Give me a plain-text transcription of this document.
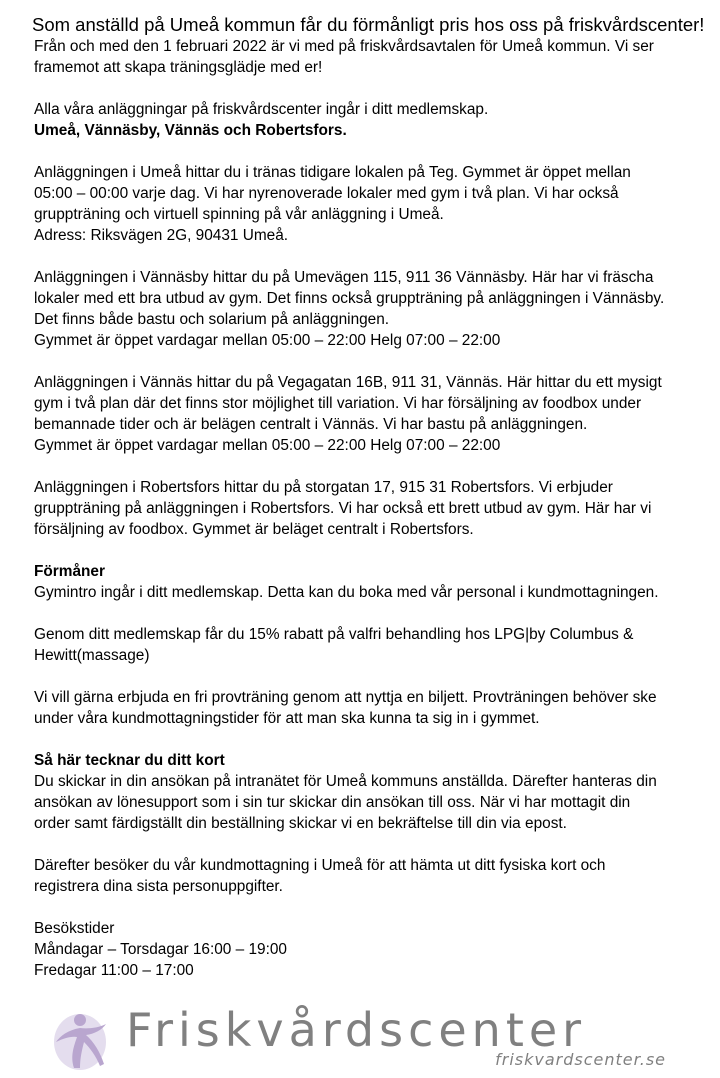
Som anställd på Umeå kommun får du förmånligt pris hos oss på friskvårdscenter!

Från och med den 1 februari 2022 är vi med på friskvårdsavtalen för Umeå kommun. Vi ser
framemot att skapa träningsglädje med er!

Alla våra anläggningar på friskvårdscenter ingår i ditt medlemskap.
Umeå, Vännäsby, Vännäs och Robertsfors.

Anläggningen i Umeå hittar du i tränas tidigare lokalen på Teg. Gymmet är öppet mellan
05:00 – 00:00 varje dag. Vi har nyrenoverade lokaler med gym i två plan. Vi har också
gruppträning och virtuell spinning på vår anläggning i Umeå.
Adress: Riksvägen 2G, 90431 Umeå.

Anläggningen i Vännäsby hittar du på Umevägen 115, 911 36 Vännäsby. Här har vi fräscha
lokaler med ett bra utbud av gym. Det finns också gruppträning på anläggningen i Vännäsby.
Det finns både bastu och solarium på anläggningen.
Gymmet är öppet vardagar mellan 05:00 – 22:00 Helg 07:00 – 22:00

Anläggningen i Vännäs hittar du på Vegagatan 16B, 911 31, Vännäs. Här hittar du ett mysigt
gym i två plan där det finns stor möjlighet till variation. Vi har försäljning av foodbox under
bemannade tider och är belägen centralt i Vännäs. Vi har bastu på anläggningen.
Gymmet är öppet vardagar mellan 05:00 – 22:00 Helg 07:00 – 22:00

Anläggningen i Robertsfors hittar du på storgatan 17, 915 31 Robertsfors. Vi erbjuder
gruppträning på anläggningen i Robertsfors. Vi har också ett brett utbud av gym. Här har vi
försäljning av foodbox. Gymmet är beläget centralt i Robertsfors.

Förmåner
Gymintro ingår i ditt medlemskap. Detta kan du boka med vår personal i kundmottagningen.

Genom ditt medlemskap får du 15% rabatt på valfri behandling hos LPG|by Columbus &
Hewitt(massage)

Vi vill gärna erbjuda en fri provträning genom att nyttja en biljett. Provträningen behöver ske
under våra kundmottagningstider för att man ska kunna ta sig in i gymmet.

Så här tecknar du ditt kort
Du skickar in din ansökan på intranätet för Umeå kommuns anställda. Därefter hanteras din
ansökan av lönesupport som i sin tur skickar din ansökan till oss. När vi har mottagit din
order samt färdigställt din beställning skickar vi en bekräftelse till din via epost.

Därefter besöker du vår kundmottagning i Umeå för att hämta ut ditt fysiska kort och
registrera dina sista personuppgifter.

Besökstider
Måndagar – Torsdagar 16:00 – 19:00
Fredagar 11:00 – 17:00

Friskvårdscenter
friskvardscenter.se
